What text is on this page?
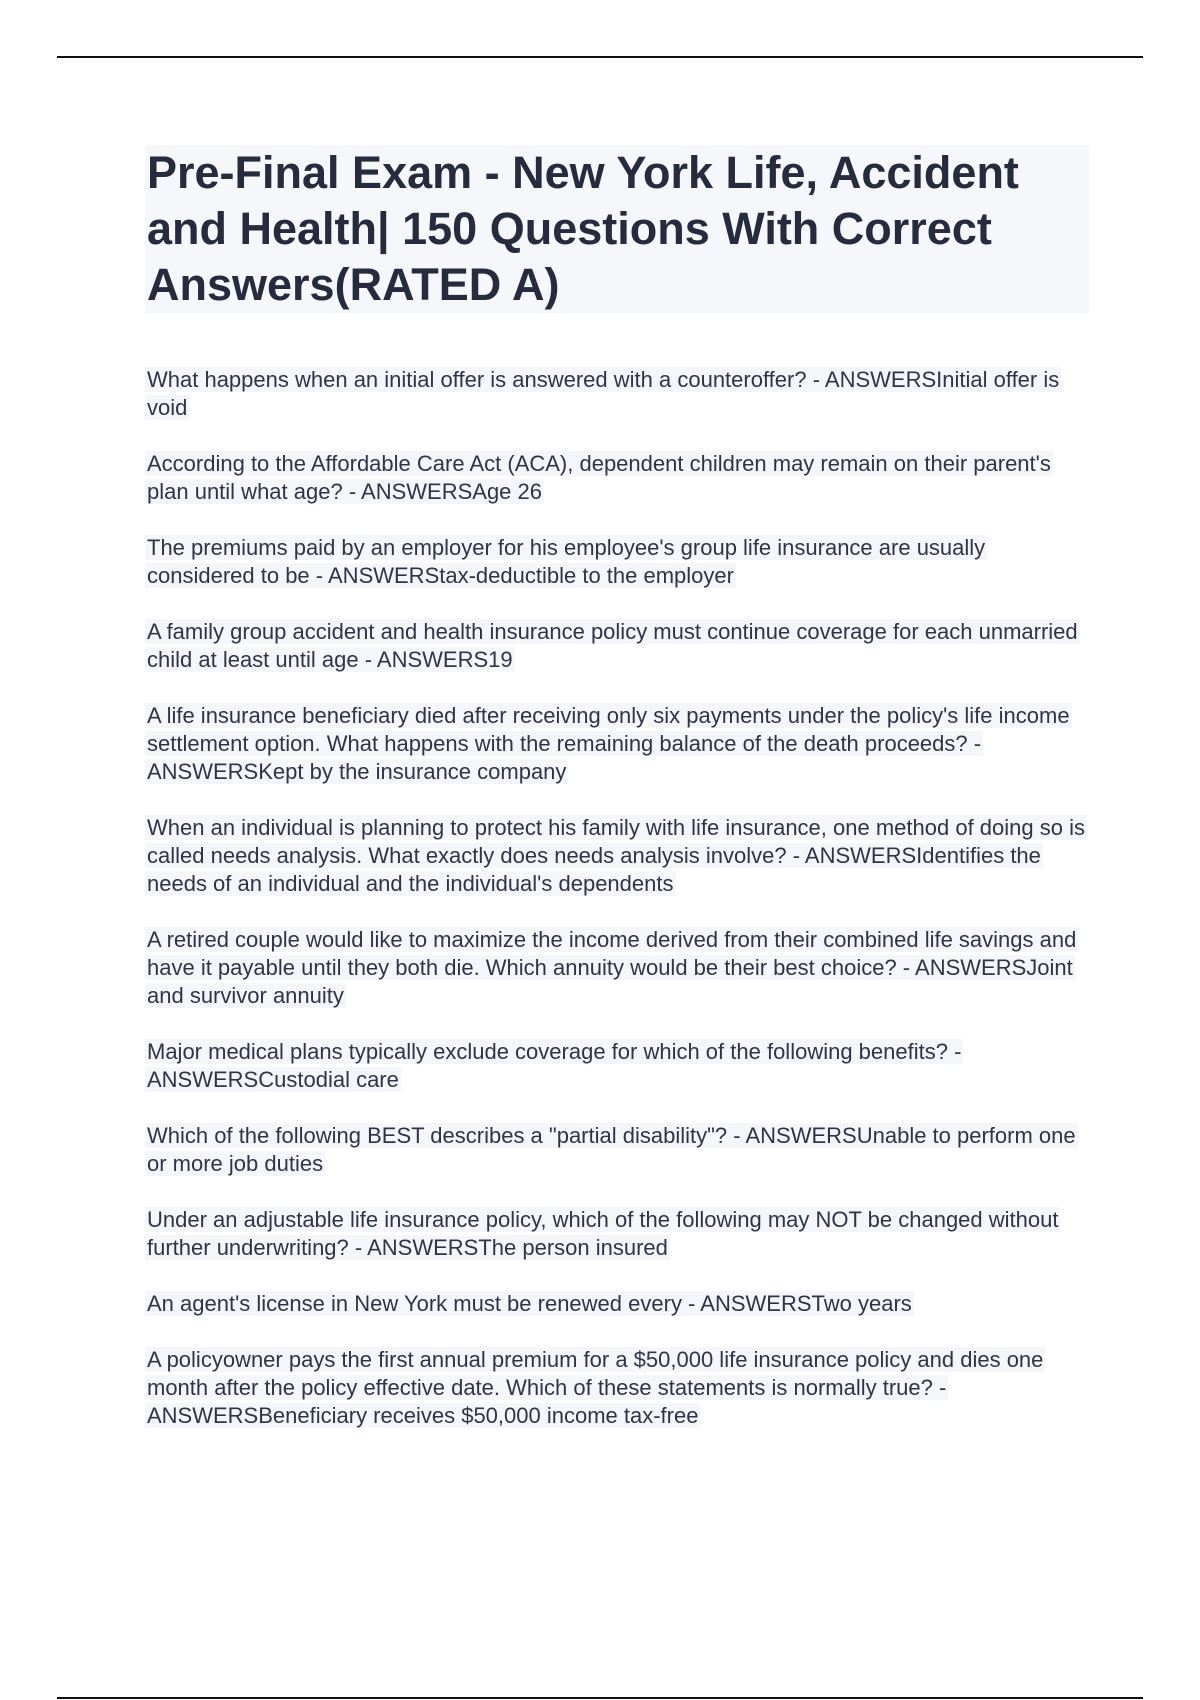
Pre-Final Exam - New York Life, Accident and Health| 150 Questions With Correct Answers(RATED A)

What happens when an initial offer is answered with a counteroffer? - ANSWERSInitial offer is void

According to the Affordable Care Act (ACA), dependent children may remain on their parent's plan until what age? - ANSWERSAge 26

The premiums paid by an employer for his employee's group life insurance are usually considered to be - ANSWERStax-deductible to the employer

A family group accident and health insurance policy must continue coverage for each unmarried child at least until age - ANSWERS19

A life insurance beneficiary died after receiving only six payments under the policy's life income settlement option. What happens with the remaining balance of the death proceeds? - ANSWERSKept by the insurance company

When an individual is planning to protect his family with life insurance, one method of doing so is called needs analysis. What exactly does needs analysis involve? - ANSWERSIdentifies the needs of an individual and the individual's dependents

A retired couple would like to maximize the income derived from their combined life savings and have it payable until they both die. Which annuity would be their best choice? - ANSWERSJoint and survivor annuity

Major medical plans typically exclude coverage for which of the following benefits? - ANSWERSCustodial care

Which of the following BEST describes a "partial disability"? - ANSWERSUnable to perform one or more job duties

Under an adjustable life insurance policy, which of the following may NOT be changed without further underwriting? - ANSWERSThe person insured

An agent's license in New York must be renewed every - ANSWERSTwo years

A policyowner pays the first annual premium for a $50,000 life insurance policy and dies one month after the policy effective date. Which of these statements is normally true? - ANSWERSBeneficiary receives $50,000 income tax-free
